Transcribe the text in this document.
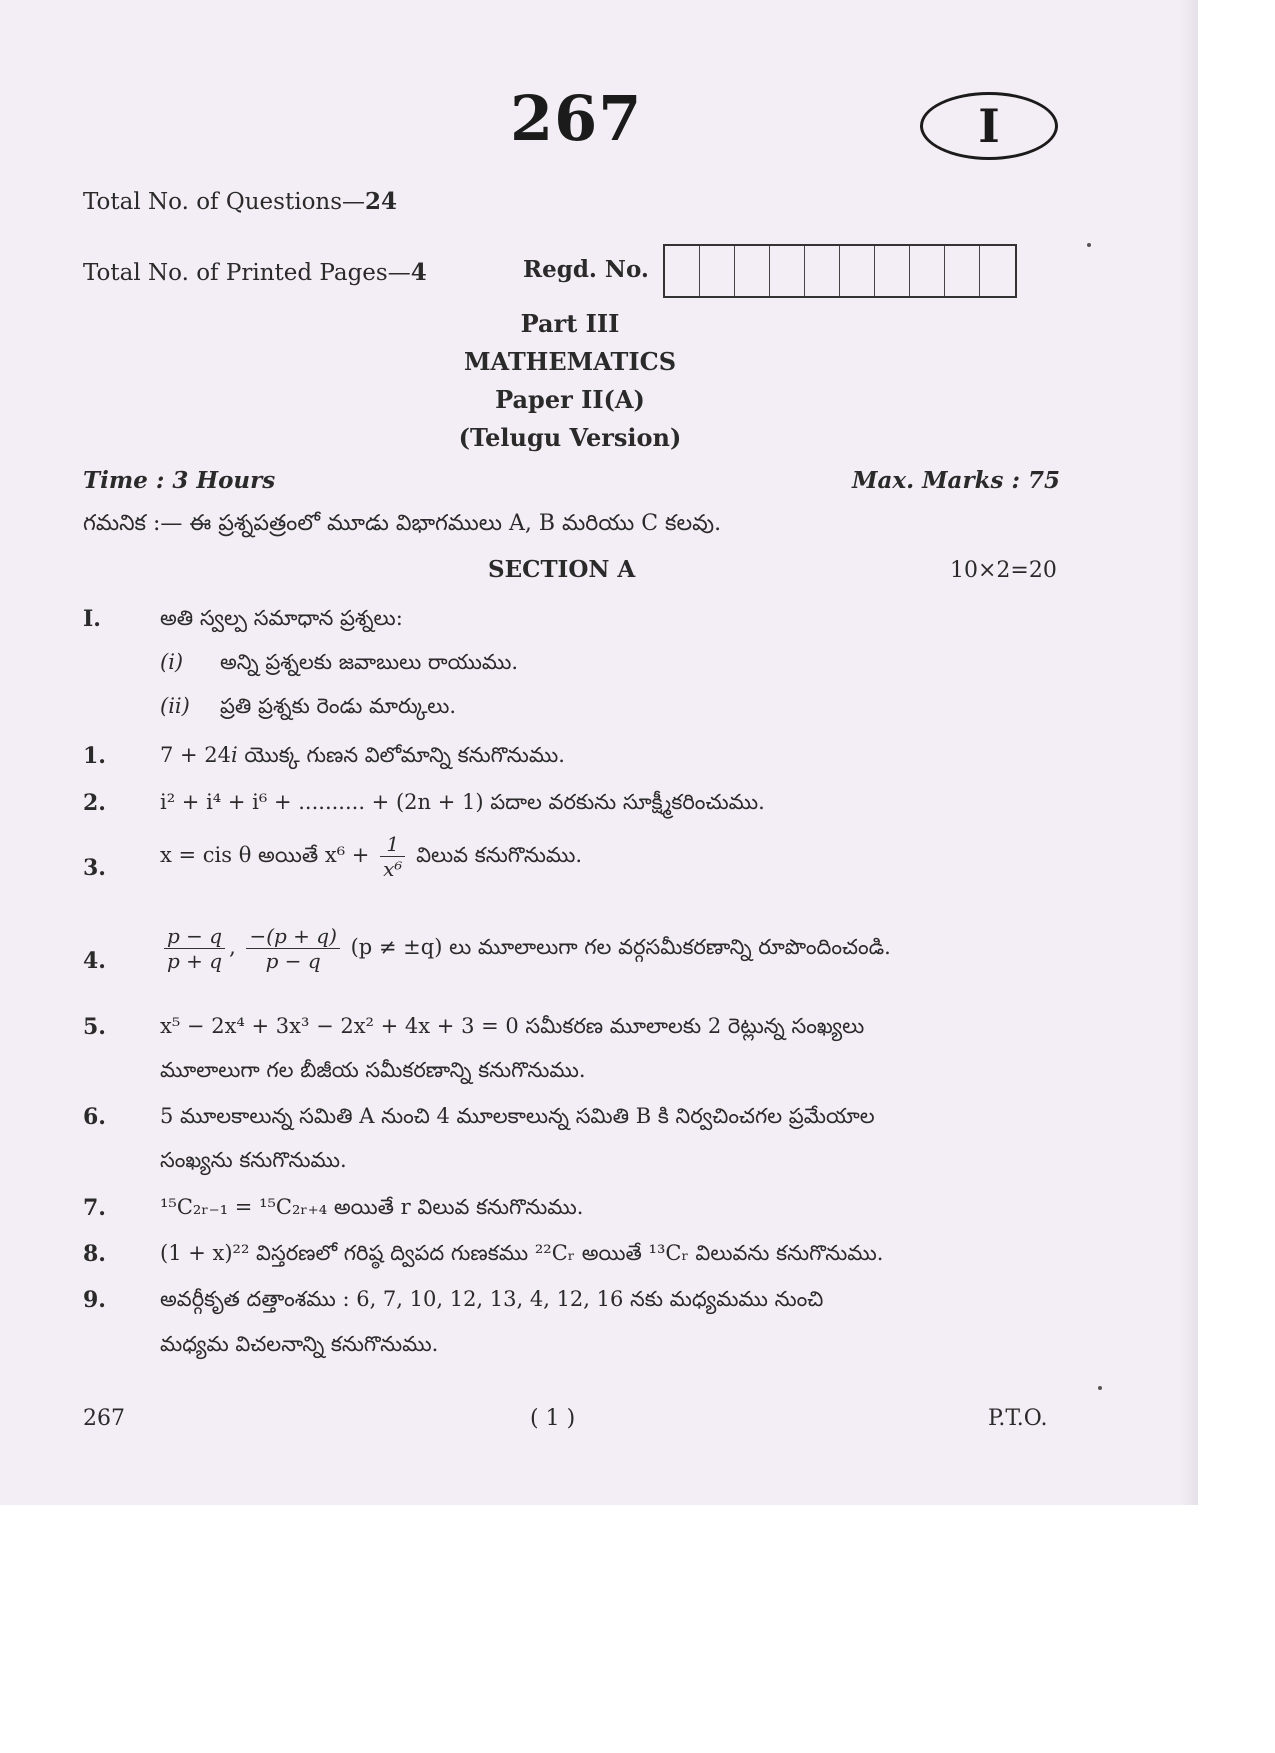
267	I
Total No. of Questions—24
Total No. of Printed Pages—4	Regd. No.
Part III
MATHEMATICS
Paper II(A)
(Telugu Version)
Time : 3 Hours	Max. Marks : 75
గమనిక :— ఈ ప్రశ్నపత్రంలో మూడు విభాగములు A, B మరియు C కలవు.
SECTION A	10×2=20
I.	అతి స్వల్ప సమాధాన ప్రశ్నలు:
(i) అన్ని ప్రశ్నలకు జవాబులు రాయుము.
(ii) ప్రతి ప్రశ్నకు రెండు మార్కులు.
1.	7 + 24i యొక్క గుణన విలోమాన్ని కనుగొనుము.
2.	i² + i⁴ + i⁶ + .......... + (2n + 1) పదాల వరకును సూక్ష్మీకరించుము.
3.	x = cis θ అయితే $x^6 + \frac{1}{\text{x⁶}}$ విలువ కనుగొనుము.
4.	$\frac{p - q}{p + q}$ , $\frac{-(p + q)}{p - q} (p \ne \pm q)$ లు మూలాలుగా గల వర్గసమీకరణాన్ని రూపొందించండి.
5.	x⁵ − 2x⁴ + 3x³ − 2x² + 4x + 3 = 0 సమీకరణ మూలాలకు 2 రెట్లున్న సంఖ్యలు
మూలాలుగా గల బీజీయ సమీకరణాన్ని కనుగొనుము.
6.	5 మూలకాలున్న సమితి A నుంచి 4 మూలకాలున్న సమితి B కి నిర్వచించగల ప్రమేయాల
సంఖ్యను కనుగొనుము.
7.	¹⁵C₂ᵣ₋₁ = ¹⁵C₂ᵣ₊₄ అయితే r విలువ కనుగొనుము.
8.	(1 + x)²² విస్తరణలో గరిష్ఠ ద్విపద గుణకము ²²Cᵣ అయితే ¹³Cᵣ విలువను కనుగొనుము.
9.	అవర్గీకృత దత్తాంశము : 6, 7, 10, 12, 13, 4, 12, 16 నకు మధ్యమము నుంచి
మధ్యమ విచలనాన్ని కనుగొనుము.
267	( 1 )	P.T.O.
